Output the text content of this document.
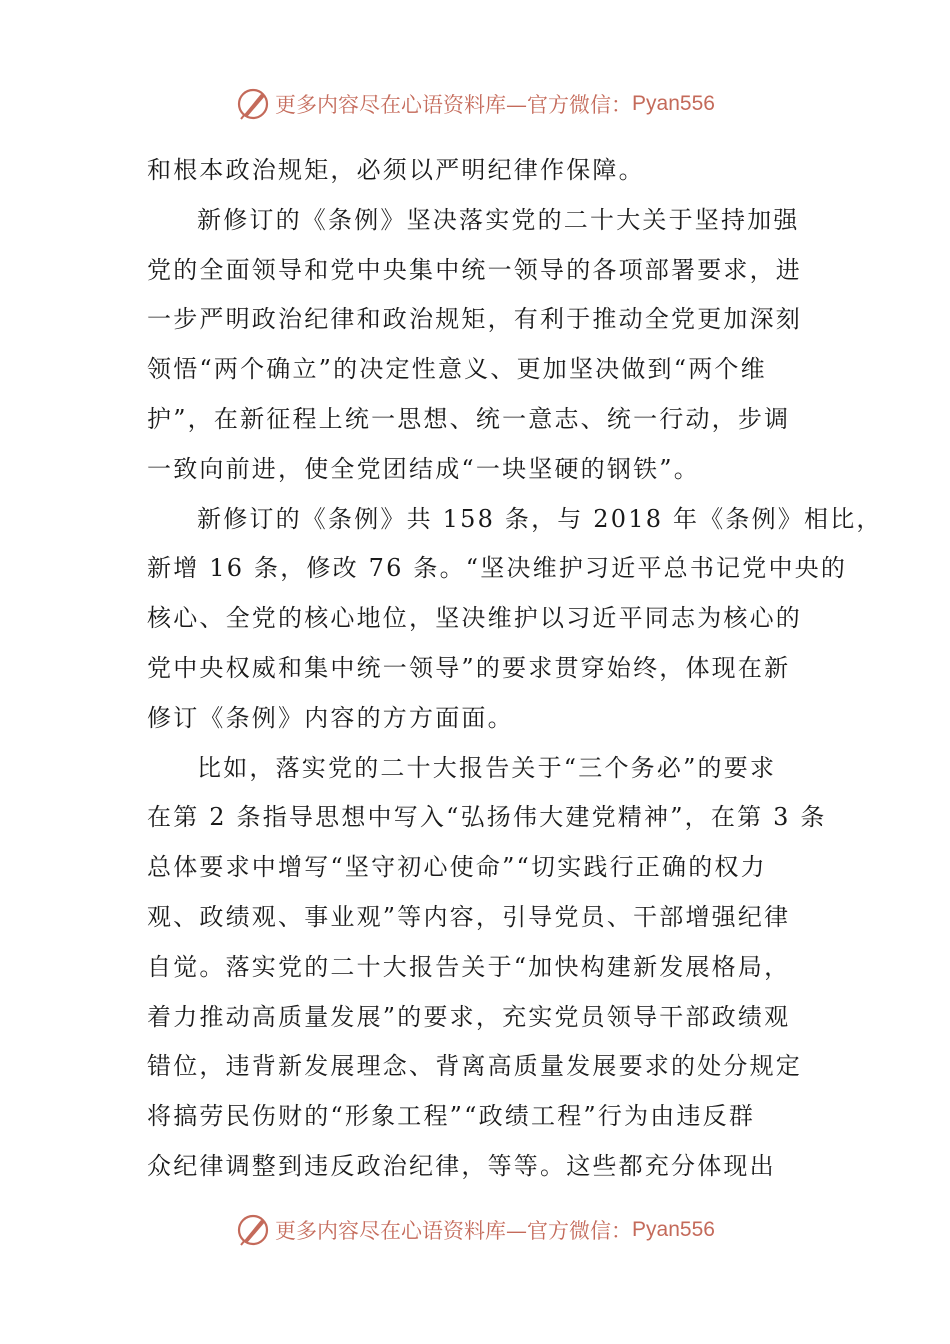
更多内容尽在心语资料库—官方微信： Pyan556
和根本政治规矩，必须以严明纪律作保障。
新修订的《条例》坚决落实党的二十大关于坚持加强
党的全面领导和党中央集中统一领导的各项部署要求，进
一步严明政治纪律和政治规矩，有利于推动全党更加深刻
领悟“两个确立”的决定性意义、更加坚决做到“两个维
护”，在新征程上统一思想、统一意志、统一行动，步调
一致向前进，使全党团结成“一块坚硬的钢铁”。
新修订的《条例》共 158 条，与 2018 年《条例》相比，
新增 16 条，修改 76 条。“坚决维护习近平总书记党中央的
核心、全党的核心地位，坚决维护以习近平同志为核心的
党中央权威和集中统一领导”的要求贯穿始终，体现在新
修订《条例》内容的方方面面。
比如，落实党的二十大报告关于“三个务必”的要求
在第 2 条指导思想中写入“弘扬伟大建党精神”，在第 3 条
总体要求中增写“坚守初心使命”“切实践行正确的权力
观、政绩观、事业观”等内容，引导党员、干部增强纪律
自觉。落实党的二十大报告关于“加快构建新发展格局，
着力推动高质量发展”的要求，充实党员领导干部政绩观
错位，违背新发展理念、背离高质量发展要求的处分规定
将搞劳民伤财的“形象工程”“政绩工程”行为由违反群
众纪律调整到违反政治纪律，等等。这些都充分体现出
更多内容尽在心语资料库—官方微信： Pyan556
